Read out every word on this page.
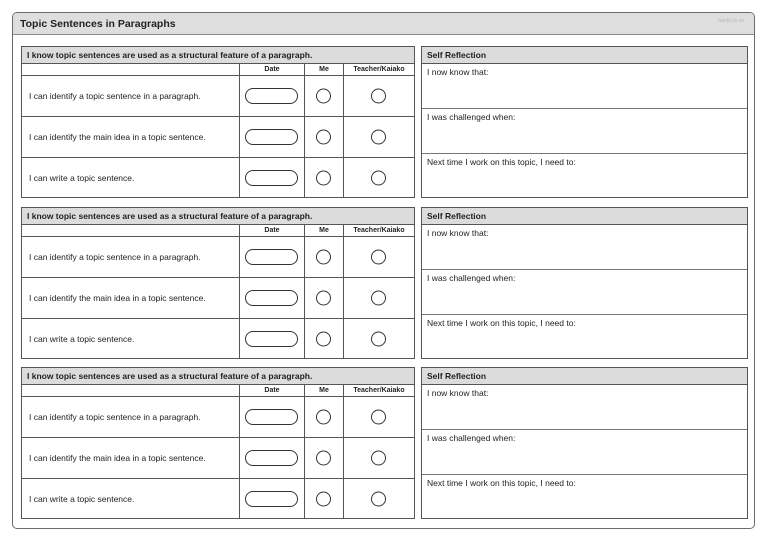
Topic Sentences in Paragraphs	twinkl.co.nz
I know topic sentences are used as a structural feature of a paragraph.
Date	Me	Teacher/Kaiako
I can identify a topic sentence in a paragraph.
I can identify the main idea in a topic sentence.
I can write a topic sentence.
Self Reflection
I now know that:
I was challenged when:
Next time I work on this topic, I need to:
I know topic sentences are used as a structural feature of a paragraph.
Date	Me	Teacher/Kaiako
I can identify a topic sentence in a paragraph.
I can identify the main idea in a topic sentence.
I can write a topic sentence.
Self Reflection
I now know that:
I was challenged when:
Next time I work on this topic, I need to:
I know topic sentences are used as a structural feature of a paragraph.
Date	Me	Teacher/Kaiako
I can identify a topic sentence in a paragraph.
I can identify the main idea in a topic sentence.
I can write a topic sentence.
Self Reflection
I now know that:
I was challenged when:
Next time I work on this topic, I need to:
